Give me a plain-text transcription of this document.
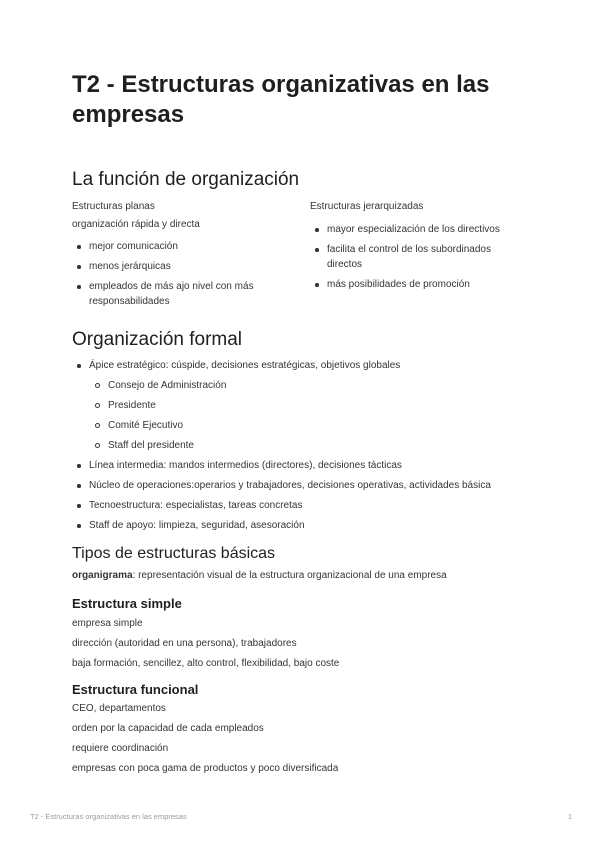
T2 - Estructuras organizativas en las empresas
La función de organización

Estructuras planas

organización rápida y directa

mejor comunicación
menos jerárquicas
empleados de más ajo nivel con más responsabilidades

Estructuras jerarquizadas

mayor especialización de los directivos
facilita el control de los subordinados directos
más posibilidades de promoción
Organización formal
Ápice estratégico: cúspide, decisiones estratégicas, objetivos globales
Consejo de Administración
Presidente
Comité Ejecutivo
Staff del presidente
Línea intermedia: mandos intermedios (directores), decisiones tácticas
Núcleo de operaciones:operarios y trabajadores, decisiones operativas, actividades básica
Tecnoestructura: especialistas, tareas concretas
Staff de apoyo: limpieza, seguridad, asesoración
Tipos de estructuras básicas

organigrama: representación visual de la estructura organizacional de una empresa

Estructura simple

empresa simple

dirección (autoridad en una persona), trabajadores

baja formación, sencillez, alto control, flexibilidad, bajo coste

Estructura funcional

CEO, departamentos

orden por la capacidad de cada empleados

requiere coordinación

empresas con poca gama de productos y poco diversificada

T2 - Estructuras organizativas en las empresas	1
